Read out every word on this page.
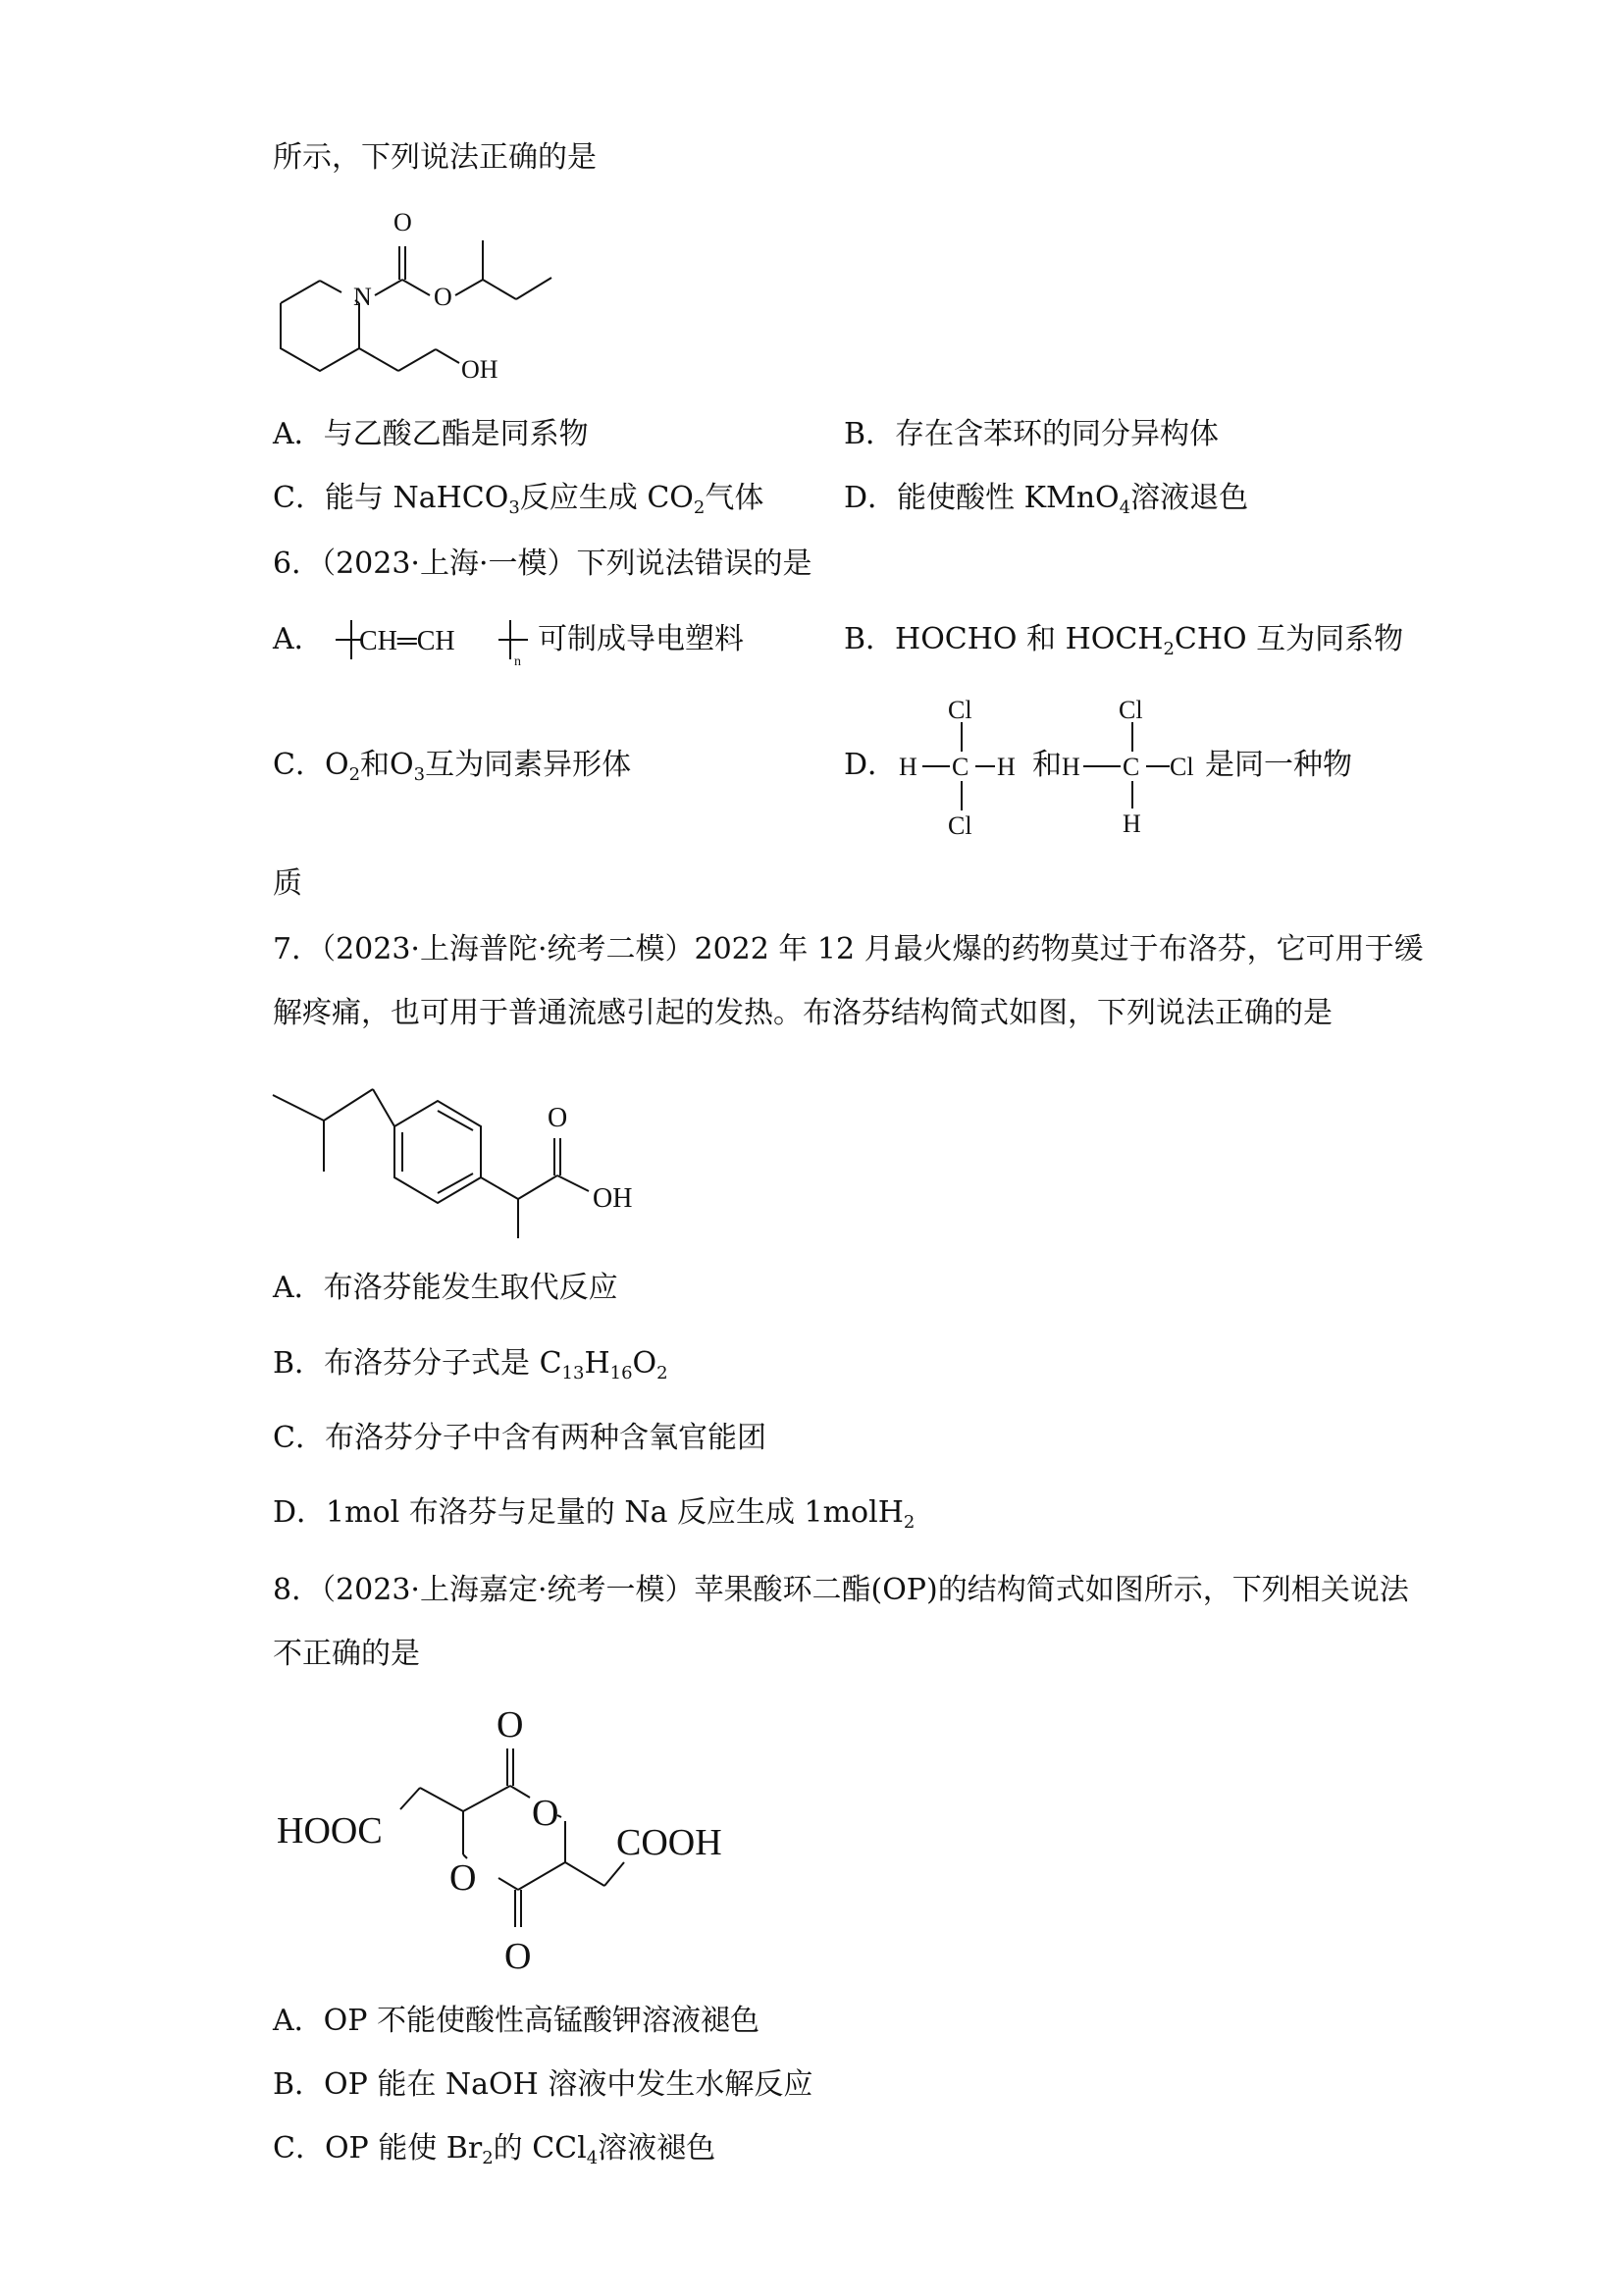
所示，下列说法正确的是
O
N O
OH
A．与乙酸乙酯是同系物	B．存在含苯环的同分异构体
C．能与 NaHCO$_3$反应生成 $CO_2$气体	D．能使酸性 KMnO$_4$溶液退色
6．（2023·上海·一模）下列说法错误的是
A． CH═CH
n
可制成导电塑料	B．HOCHO 和 $HOCH_2CHO$ 互为同系物
C．$O_2$和$O_3$互为同素异形体	D．
Cl
H C H
Cl
和
Cl
H C Cl
H
是同一种物
质
7．（2023·上海普陀·统考二模）2022 年 12 月最火爆的药物莫过于布洛芬，它可用于缓
解疼痛，也可用于普通流感引起的发热。布洛芬结构简式如图，下列说法正确的是
O
OH
A．布洛芬能发生取代反应
B．布洛芬分子式是 $C_{13}H_{16}O_2$
C．布洛芬分子中含有两种含氧官能团
D．1mol 布洛芬与足量的 Na 反应生成 1molH$_2$
8．（2023·上海嘉定·统考一模）苹果酸环二酯(OP)的结构简式如图所示，下列相关说法
不正确的是
O
O
O
O
HOOC	COOH
A．OP 不能使酸性高锰酸钾溶液褪色
B．OP 能在 NaOH 溶液中发生水解反应
C．OP 能使 $Br_2$的 CCl$_4$溶液褪色
